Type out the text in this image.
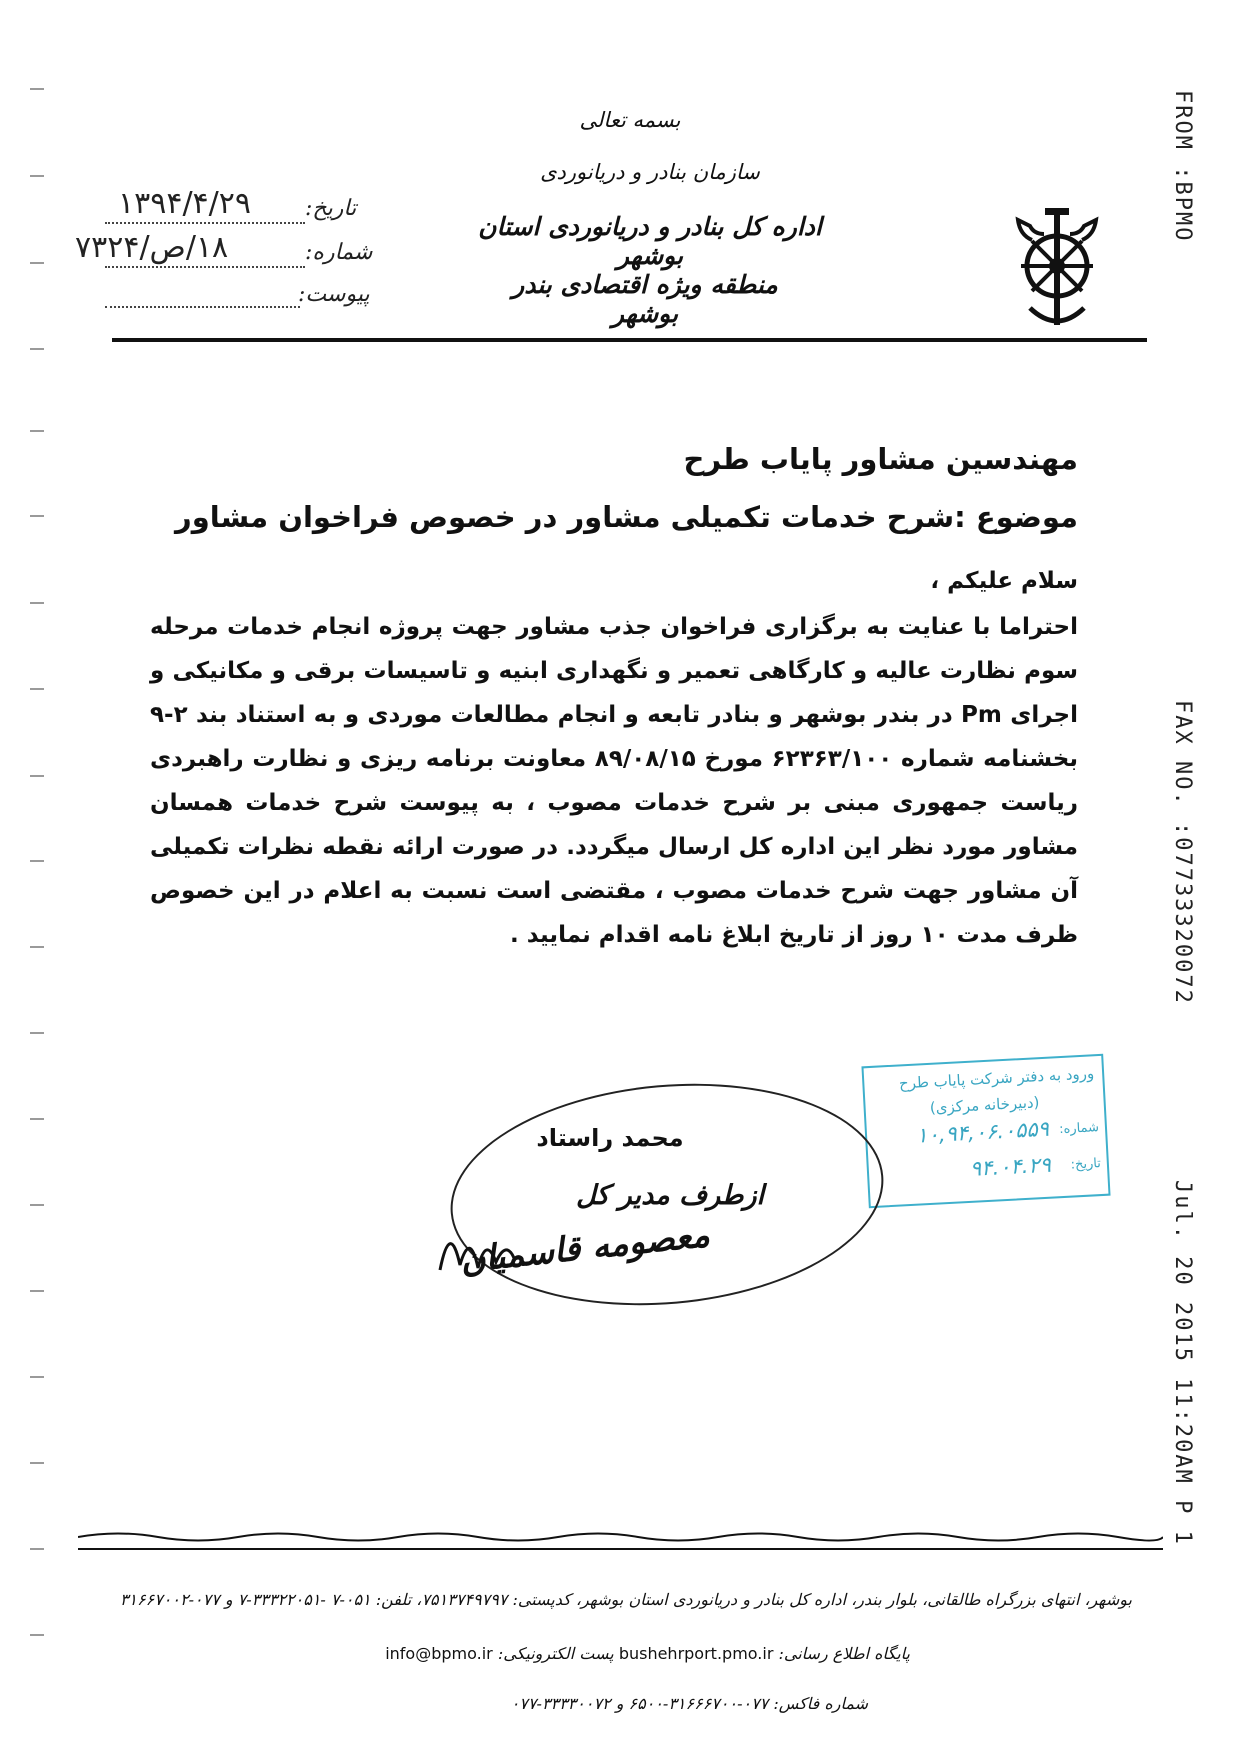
FROM :BPMO
FAX NO. :07733320072
Jul. 20 2015 11:20AM P 1
بسمه تعالی
سازمان بنادر و دریانوردی
اداره کل بنادر و دریانوردی استان بوشهر
منطقه ویژه اقتصادی بندر بوشهر
تاریخ:
۱۳۹۴/۴/۲۹
شماره:
۱۸/ص/۷۳۲۴
پیوست:
مهندسین مشاور پایاب طرح
موضوع :شرح خدمات تکمیلی مشاور در خصوص فراخوان مشاور
سلام علیکم ،
احتراما با عنایت به برگزاری فراخوان جذب مشاور جهت پروژه انجام خدمات مرحله سوم نظارت عالیه و کارگاهی تعمیر و نگهداری ابنیه و تاسیسات برقی و مکانیکی و اجرای Pm در بندر بوشهر و بنادر تابعه و انجام مطالعات موردی و به استناد بند ۲-۹ بخشنامه شماره ۶۲۳۶۳/۱۰۰ مورخ ۸۹/۰۸/۱۵ معاونت برنامه ریزی و نظارت راهبردی ریاست جمهوری مبنی بر شرح خدمات مصوب ، به پیوست شرح خدمات همسان مشاور مورد نظر این اداره کل ارسال میگردد. در صورت ارائه نقطه نظرات تکمیلی آن مشاور جهت شرح خدمات مصوب ، مقتضی است نسبت به اعلام در این خصوص ظرف مدت ۱۰ روز از تاریخ ابلاغ نامه اقدام نمایید .
ورود به دفتر شرکت پایاب طرح
(دبیرخانه مرکزی)
شماره:
۱۰,۹۴,۰۶.۰۵۵۹
تاریخ:
۹۴.۰۴.۲۹
محمد راستاد
ازطرف مدیر کل
معصومه قاسمیان
بوشهر، انتهای بزرگراه طالقانی، بلوار بندر، اداره کل بنادر و دریانوردی استان بوشهر، کدپستی: ۷۵۱۳۷۴۹۷۹۷، تلفن: ۰۵۱-۷ -۳۳۳۲۲۰۵۱-۷ و ۰۷۷-۳۱۶۶۷۰۰۲
پایگاه اطلاع رسانی: bushehrport.pmo.ir پست الکترونیکی: info@bpmo.ir
شماره فاکس: ۰۷۷-۳۱۶۶۶۷۰۰-۶۵۰۰ و ۳۳۳۳۰۰۷۲-۰۷۷
